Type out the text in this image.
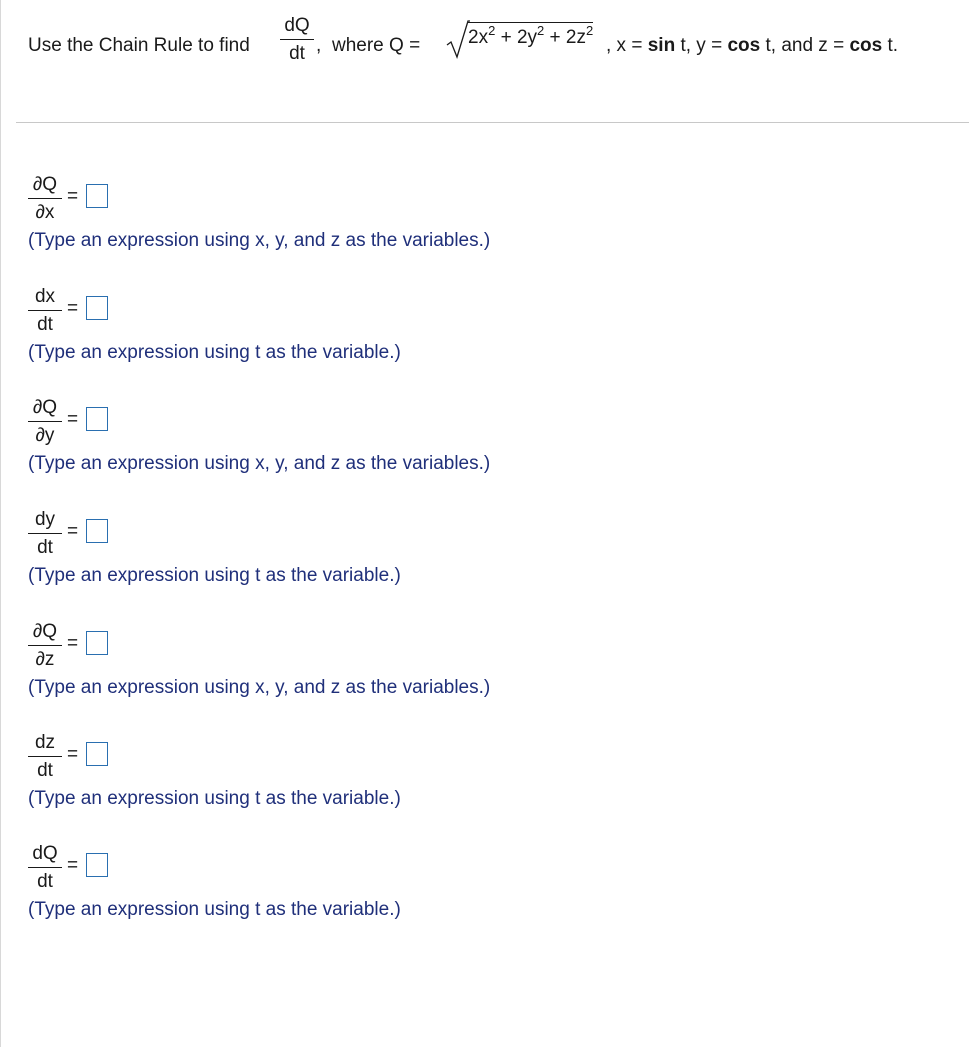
Use the Chain Rule to find
dQ
dt , where Q =	$2x^2 + 2y^2 + 2z^2$
, x = sin t, y = cos t, and z = cos t.
∂Q
∂x
=
(Type an expression using x, y, and z as the variables.)
dx
dt
=
(Type an expression using t as the variable.)
∂Q
∂y
=
(Type an expression using x, y, and z as the variables.)
dy
dt
=
(Type an expression using t as the variable.)
∂Q
∂z
=
(Type an expression using x, y, and z as the variables.)
dz
dt
=
(Type an expression using t as the variable.)
dQ
dt
=
(Type an expression using t as the variable.)
